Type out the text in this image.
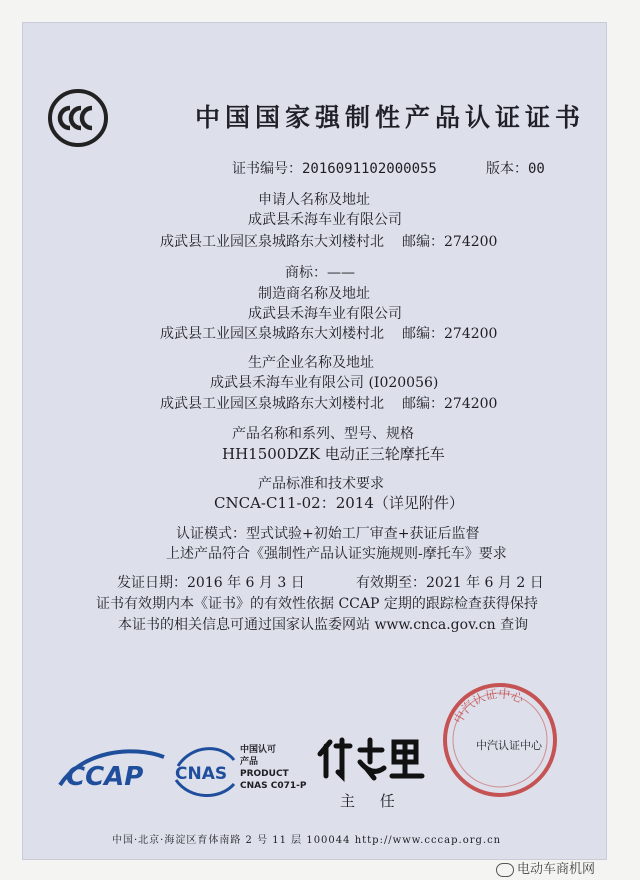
中国国家强制性产品认证证书
证书编号：2016091102000055	版本：00
申请人名称及地址
成武县禾海车业有限公司
成武县工业园区泉城路东大刘楼村北 邮编：274200
商标：——
制造商名称及地址
成武县禾海车业有限公司
成武县工业园区泉城路东大刘楼村北 邮编：274200
生产企业名称及地址
成武县禾海车业有限公司 (I020056)
成武县工业园区泉城路东大刘楼村北 邮编：274200
产品名称和系列、型号、规格
HH1500DZK 电动正三轮摩托车
产品标准和技术要求
CNCA-C11-02：2014（详见附件）
认证模式：型式试验+初始工厂审查+获证后监督
上述产品符合《强制性产品认证实施规则-摩托车》要求
发证日期：2016 年 6 月 3 日	有效期至：2021 年 6 月 2 日
证书有效期内本《证书》的有效性依据 CCAP 定期的跟踪检查获得保持
本证书的相关信息可通过国家认监委网站 www.cnca.gov.cn 查询
CCAP CNAS
中国认可
产品
PRODUCT
CNAS C071-P
主 任
中汽认证中心
中汽认证中心
中国·北京·海淀区育体南路 2 号 11 层 100044 http://www.cccap.org.cn
电动车商机网
